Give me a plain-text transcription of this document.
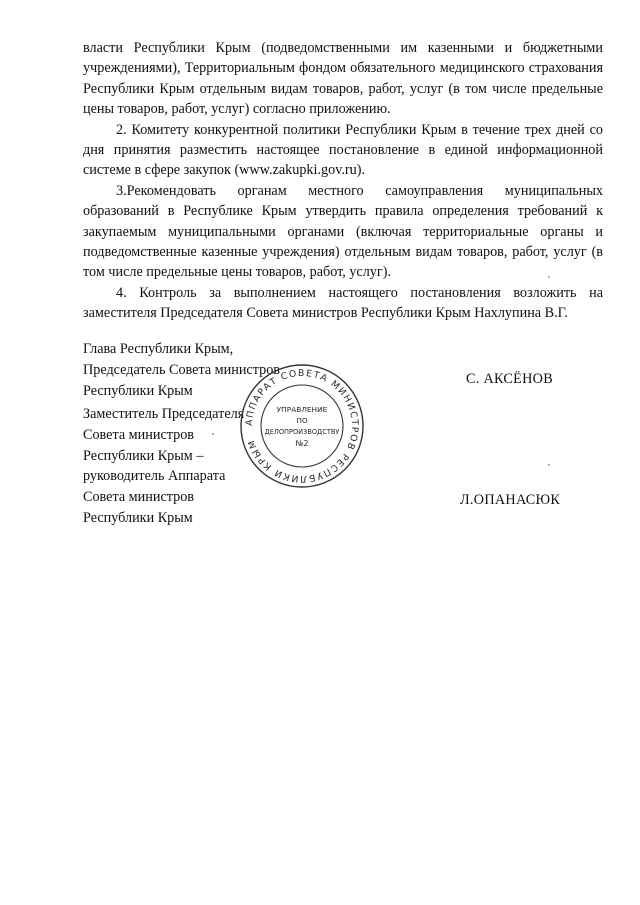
власти Республики Крым (подведомственными им казенными и бюджетными учреждениями), Территориальным фондом обязательного медицинского страхования Республики Крым отдельным видам товаров, работ, услуг (в том числе предельные цены товаров, работ, услуг) согласно приложению.

2. Комитету конкурентной политики Республики Крым в течение трех дней со дня принятия разместить настоящее постановление в единой информационной системе в сфере закупок (www.zakupki.gov.ru).

3.Рекомендовать органам местного самоуправления муниципальных образований в Республике Крым утвердить правила определения требований к закупаемым муниципальными органами (включая территориальные органы и подведомственные казенные учреждения) отдельным видам товаров, работ, услуг (в том числе предельные цены товаров, работ, услуг).

4. Контроль за выполнением настоящего постановления возложить на заместителя Председателя Совета министров Республики Крым Нахлупина В.Г.

Глава Республики Крым,
Председатель Совета министров
Республики Крым
С. АКСЁНОВ
Заместитель Председателя
Совета министров
Республики Крым –
руководитель Аппарата
Совета министров
Республики Крым
Л.ОПАНАСЮК
АППАРАТ СОВЕТА МИНИСТРОВ РЕСПУБЛИКИ КРЫМ
УПРАВЛЕНИЕ
ПО
ДЕЛОПРОИЗВОДСТВУ
№2
